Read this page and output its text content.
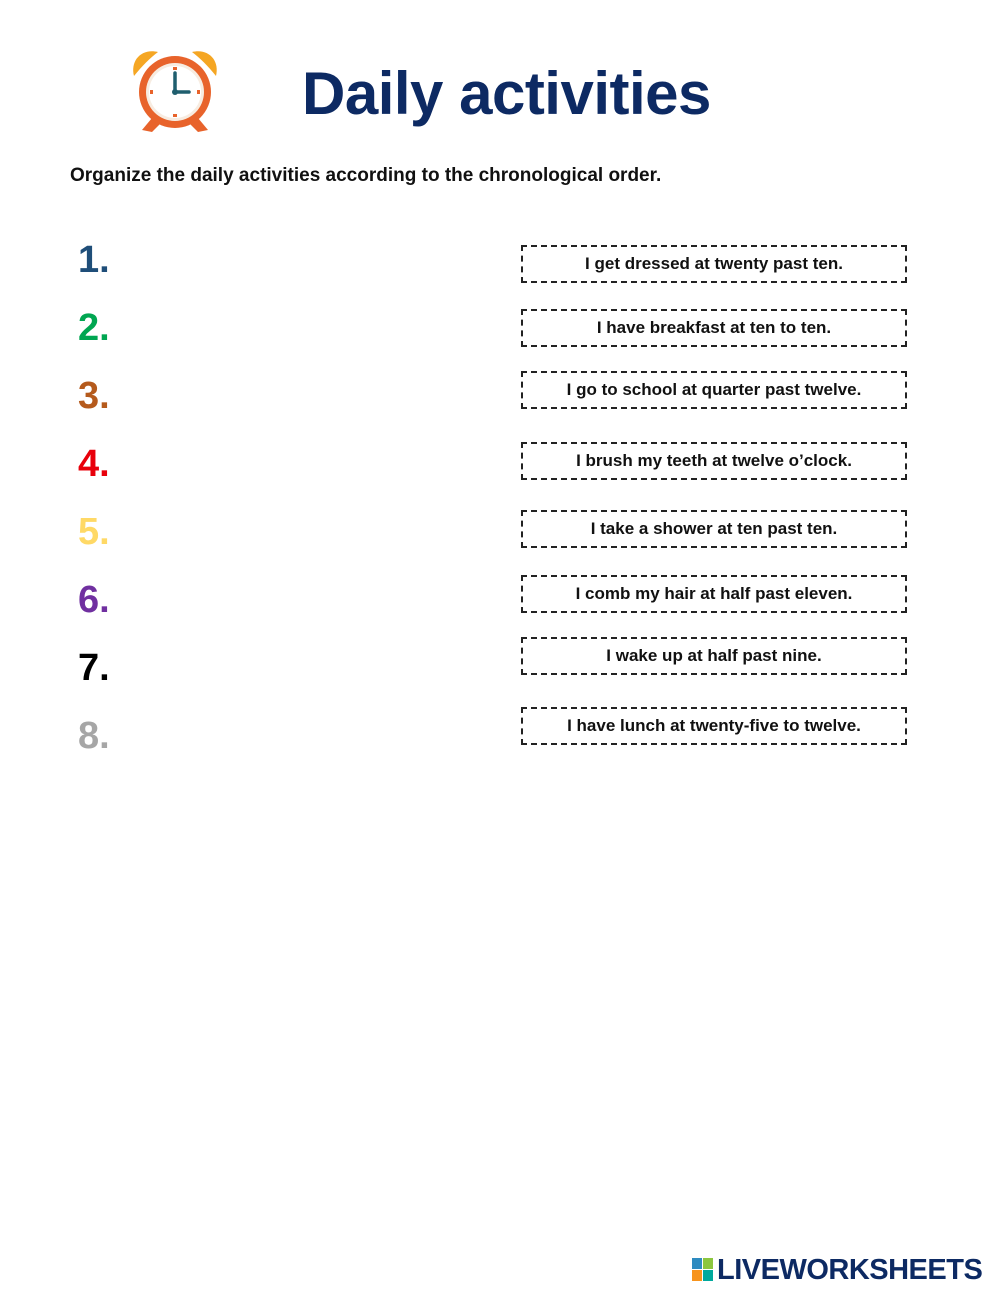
Daily activities

Organize the daily activities according to the chronological order.

1.
2.
3.
4.
5.
6.
7.
8.
I get dressed at twenty past ten.
I have breakfast at ten to ten.
I go to school at quarter past twelve.
I brush my teeth at twelve o’clock.
I take a shower at ten past ten.
I comb my hair at half past eleven.
I wake up at half past nine.
I have lunch at twenty-five to twelve.
LIVEWORKSHEETS
